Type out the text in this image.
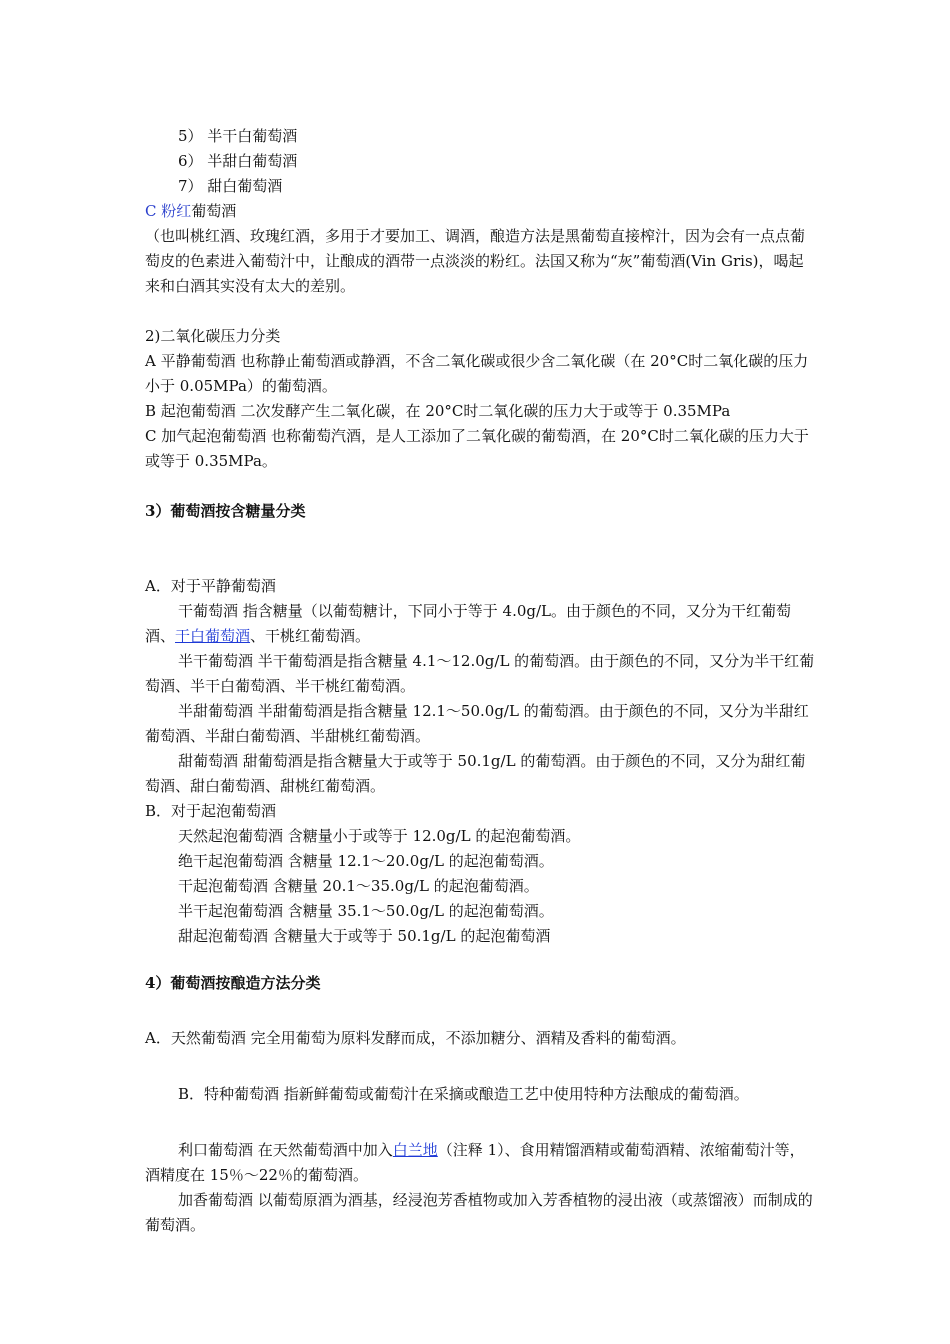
5） 半干白葡萄酒

6） 半甜白葡萄酒

7） 甜白葡萄酒

C 粉红葡萄酒

（也叫桃红酒、玫瑰红酒，多用于才要加工、调酒，酿造方法是黑葡萄直接榨汁，因为会有一点点葡萄皮的色素进入葡萄汁中，让酿成的酒带一点淡淡的粉红。法国又称为“灰”葡萄酒(Vin Gris)，喝起来和白酒其实没有太大的差别。

2)二氧化碳压力分类

A 平静葡萄酒 也称静止葡萄酒或静酒，不含二氧化碳或很少含二氧化碳（在 20°C时二氧化碳的压力小于 0.05MPa）的葡萄酒。

B 起泡葡萄酒 二次发酵产生二氧化碳，在 20°C时二氧化碳的压力大于或等于 0.35MPa

C 加气起泡葡萄酒 也称葡萄汽酒，是人工添加了二氧化碳的葡萄酒，在 20°C时二氧化碳的压力大于或等于 0.35MPa。

3）葡萄酒按含糖量分类

A．对于平静葡萄酒

干葡萄酒 指含糖量（以葡萄糖计，下同小于等于 4.0g/L。由于颜色的不同，又分为干红葡萄酒、干白葡萄酒、干桃红葡萄酒。

半干葡萄酒 半干葡萄酒是指含糖量 4.1～12.0g/L 的葡萄酒。由于颜色的不同，又分为半干红葡萄酒、半干白葡萄酒、半干桃红葡萄酒。

半甜葡萄酒 半甜葡萄酒是指含糖量 12.1～50.0g/L 的葡萄酒。由于颜色的不同，又分为半甜红葡萄酒、半甜白葡萄酒、半甜桃红葡萄酒。

甜葡萄酒 甜葡萄酒是指含糖量大于或等于 50.1g/L 的葡萄酒。由于颜色的不同，又分为甜红葡萄酒、甜白葡萄酒、甜桃红葡萄酒。

B．对于起泡葡萄酒

天然起泡葡萄酒 含糖量小于或等于 12.0g/L 的起泡葡萄酒。

绝干起泡葡萄酒 含糖量 12.1～20.0g/L 的起泡葡萄酒。

干起泡葡萄酒 含糖量 20.1～35.0g/L 的起泡葡萄酒。

半干起泡葡萄酒 含糖量 35.1～50.0g/L 的起泡葡萄酒。

甜起泡葡萄酒 含糖量大于或等于 50.1g/L 的起泡葡萄酒

4）葡萄酒按酿造方法分类

A．天然葡萄酒 完全用葡萄为原料发酵而成，不添加糖分、酒精及香料的葡萄酒。

B．特种葡萄酒 指新鲜葡萄或葡萄汁在采摘或酿造工艺中使用特种方法酿成的葡萄酒。

利口葡萄酒 在天然葡萄酒中加入白兰地（注释 1）、食用精馏酒精或葡萄酒精、浓缩葡萄汁等，酒精度在 15％～22％的葡萄酒。

加香葡萄酒 以葡萄原酒为酒基，经浸泡芳香植物或加入芳香植物的浸出液（或蒸馏液）而制成的葡萄酒。
